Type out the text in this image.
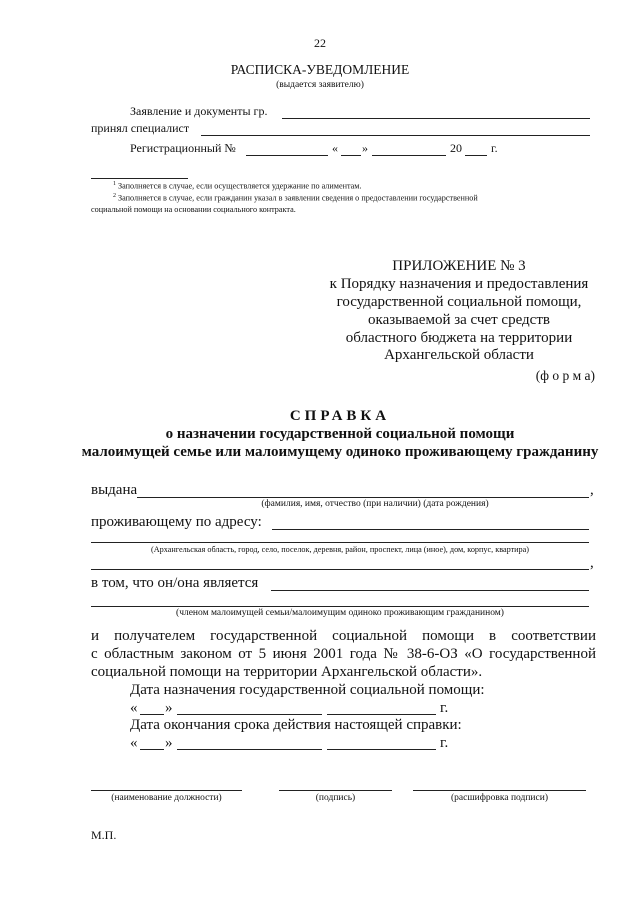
22
РАСПИСКА-УВЕДОМЛЕНИЕ
(выдается заявителю)
Заявление и документы гр.
принял специалист
Регистрационный №	« »	20 г.
$^1$ Заполняется в случае, если осуществляется удержание по алиментам.
$^2$ Заполняется в случае, если гражданин указал в заявлении сведения о предоставлении государственной
социальной помощи на основании социального контракта.
ПРИЛОЖЕНИЕ № 3
к Порядку назначения и предоставления
государственной социальной помощи,
оказываемой за счет средств
областного бюджета на территории
Архангельской области
(ф о р м а)
СПРАВКА
о назначении государственной социальной помощи
малоимущей семье или малоимущему одиноко проживающему гражданину
выдана	,
(фамилия, имя, отчество (при наличии) (дата рождения)
проживающему по адресу:
(Архангельская область, город, село, поселок, деревня, район, проспект, лица (иное), дом, корпус, квартира)
,
в том, что он/она является
(членом малоимущей семьи/малоимущим одиноко проживающим гражданином)
и получателем государственной социальной помощи в соответствии
с областным законом от 5 июня 2001 года № 38-6-ОЗ «О государственной
социальной помощи на территории Архангельской области».
Дата назначения государственной социальной помощи:
« »	г.
Дата окончания срока действия настоящей справки:
« »	г.
(наименование должности)	(подпись)	(расшифровка подписи)
М.П.
